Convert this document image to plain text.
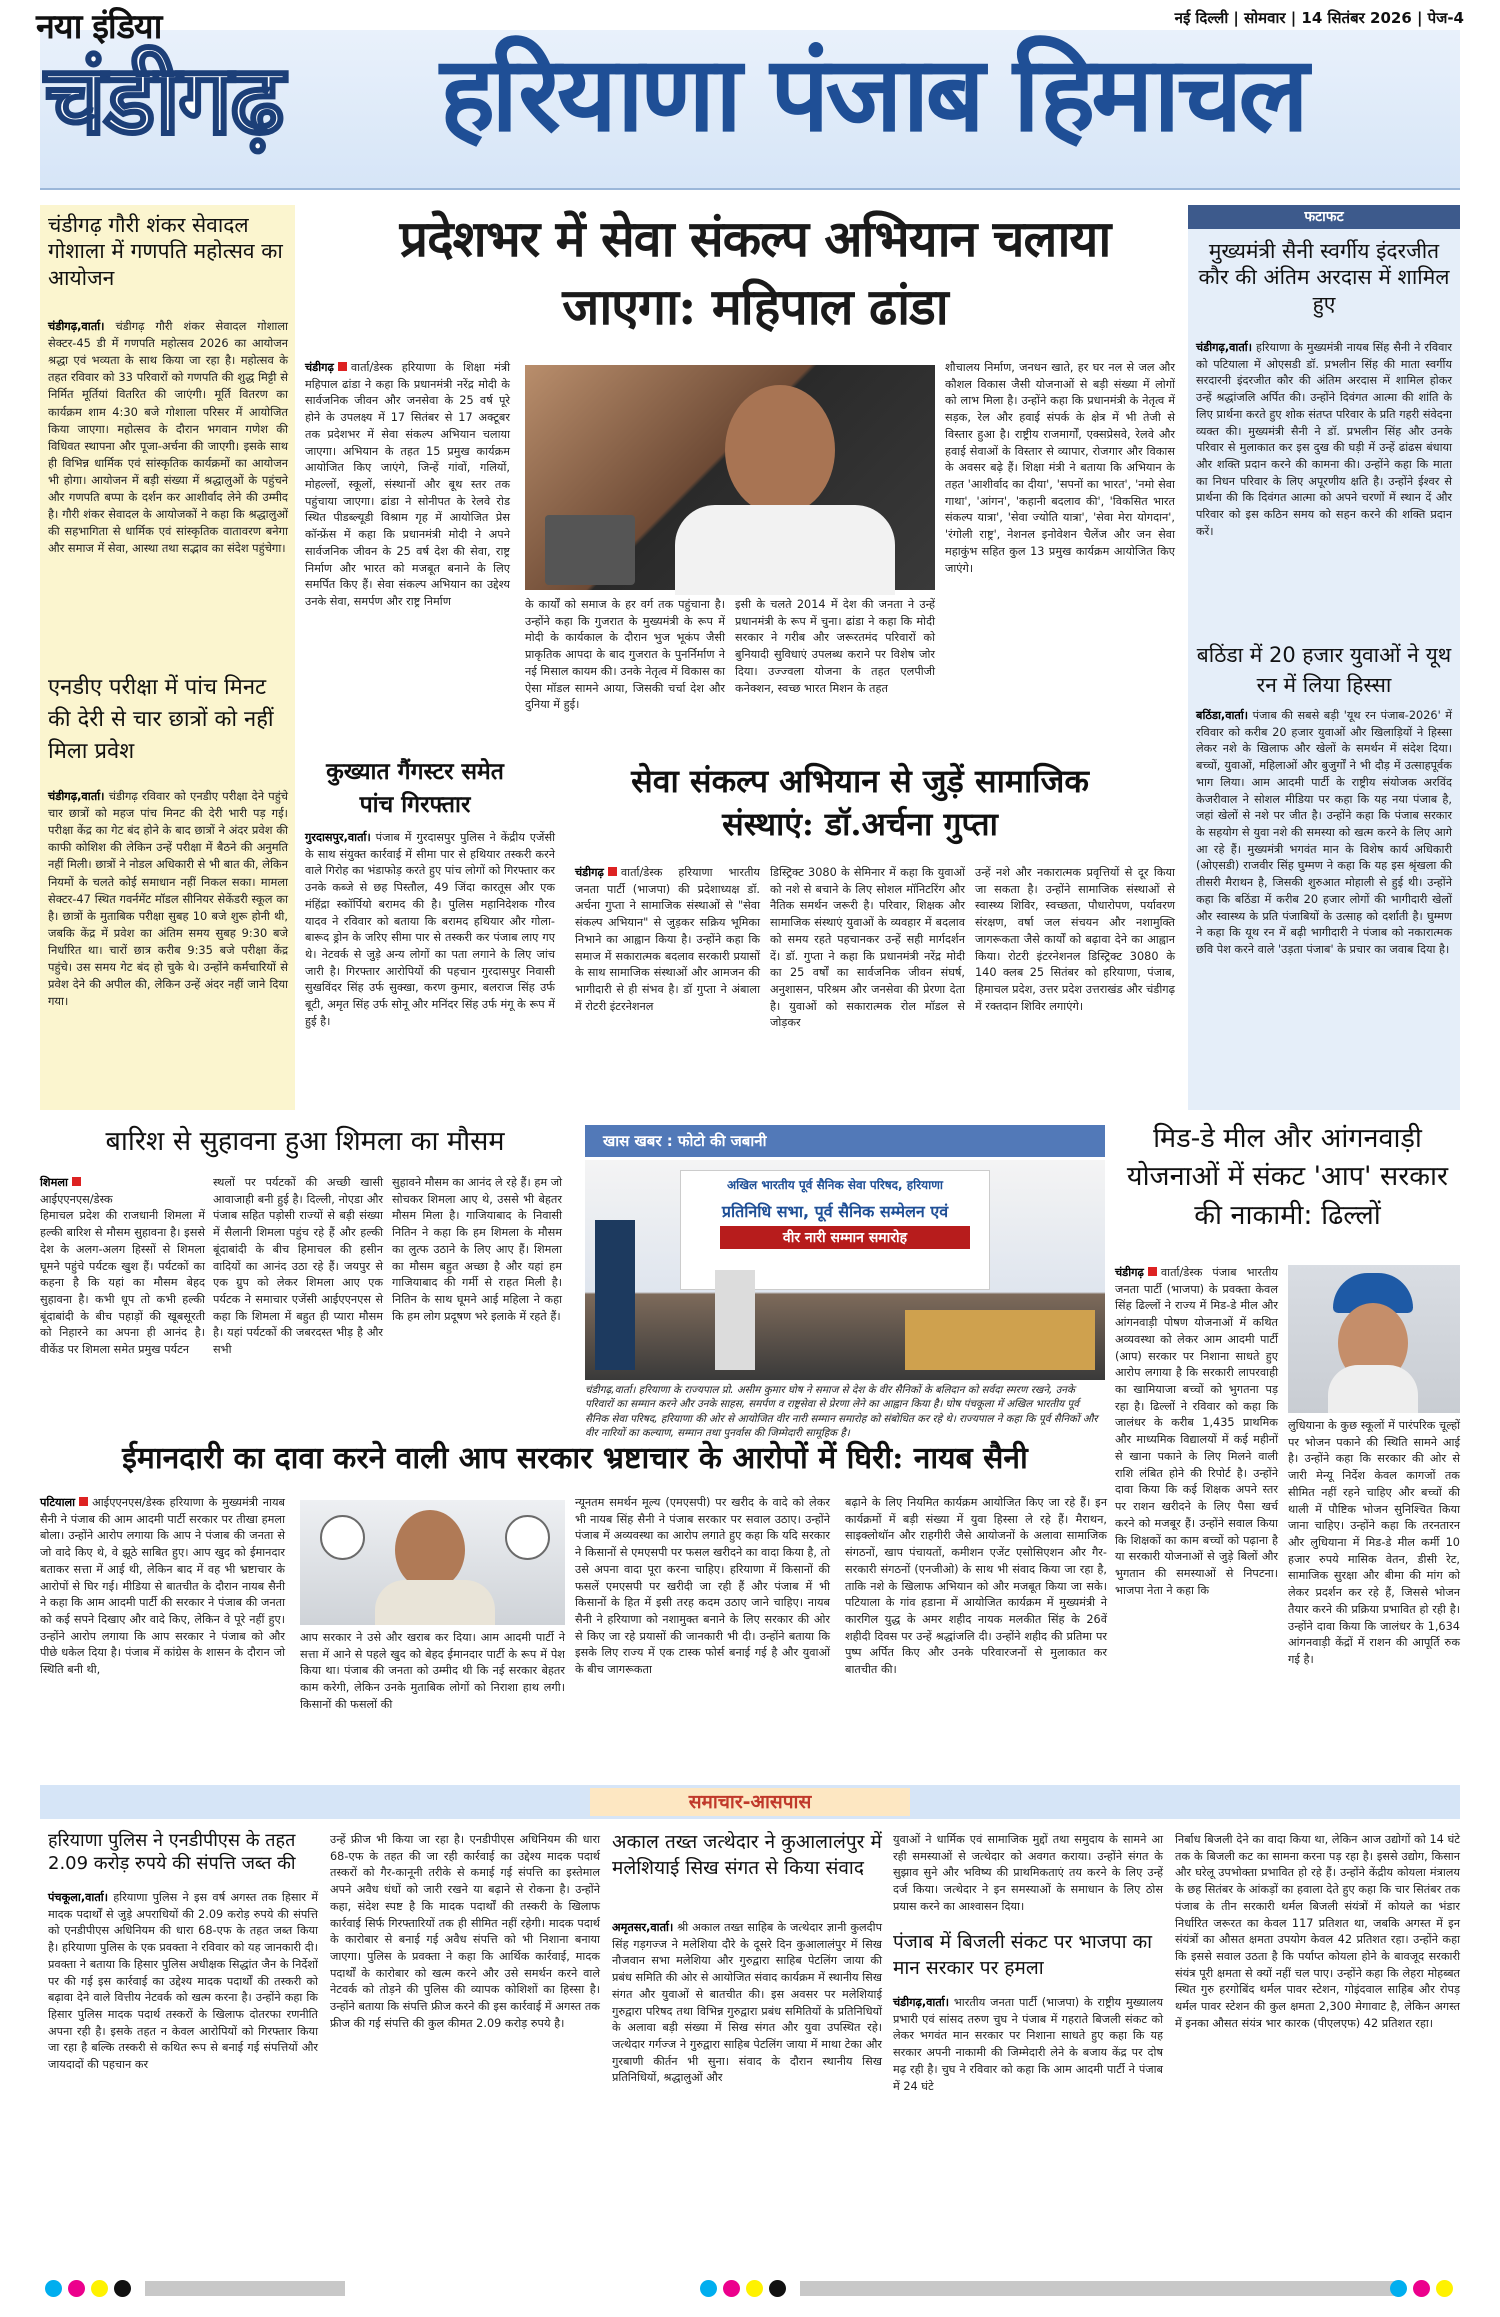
नया इंडिया	नई दिल्ली | सोमवार | 14 सितंबर 2026 | पेज-4
चंडीगढ़ हरियाणा पंजाब हिमाचल
चंडीगढ़ गौरी शंकर सेवादल गोशाला में गणपति महोत्सव का आयोजन
चंडीगढ़,वार्ता। चंडीगढ़ गौरी शंकर सेवादल गोशाला सेक्टर-45 डी में गणपति महोत्सव 2026 का आयोजन श्रद्धा एवं भव्यता के साथ किया जा रहा है। महोत्सव के तहत रविवार को 33 परिवारों को गणपति की शुद्ध मिट्टी से निर्मित मूर्तियां वितरित की जाएंगी। मूर्ति वितरण का कार्यक्रम शाम 4:30 बजे गोशाला परिसर में आयोजित किया जाएगा। महोत्सव के दौरान भगवान गणेश की विधिवत स्थापना और पूजा-अर्चना की जाएगी। इसके साथ ही विभिन्न धार्मिक एवं सांस्कृतिक कार्यक्रमों का आयोजन भी होगा। आयोजन में बड़ी संख्या में श्रद्धालुओं के पहुंचने और गणपति बप्पा के दर्शन कर आशीर्वाद लेने की उम्मीद है। गौरी शंकर सेवादल के आयोजकों ने कहा कि श्रद्धालुओं की सहभागिता से धार्मिक एवं सांस्कृतिक वातावरण बनेगा और समाज में सेवा, आस्था तथा सद्भाव का संदेश पहुंचेगा।
एनडीए परीक्षा में पांच मिनट की देरी से चार छात्रों को नहीं मिला प्रवेश
चंडीगढ़,वार्ता। चंडीगढ़ रविवार को एनडीए परीक्षा देने पहुंचे चार छात्रों को महज पांच मिनट की देरी भारी पड़ गई। परीक्षा केंद्र का गेट बंद होने के बाद छात्रों ने अंदर प्रवेश की काफी कोशिश की लेकिन उन्हें परीक्षा में बैठने की अनुमति नहीं मिली। छात्रों ने नोडल अधिकारी से भी बात की, लेकिन नियमों के चलते कोई समाधान नहीं निकल सका। मामला सेक्टर-47 स्थित गवर्नमेंट मॉडल सीनियर सेकेंडरी स्कूल का है। छात्रों के मुताबिक परीक्षा सुबह 10 बजे शुरू होनी थी, जबकि केंद्र में प्रवेश का अंतिम समय सुबह 9:30 बजे निर्धारित था। चारों छात्र करीब 9:35 बजे परीक्षा केंद्र पहुंचे। उस समय गेट बंद हो चुके थे। उन्होंने कर्मचारियों से प्रवेश देने की अपील की, लेकिन उन्हें अंदर नहीं जाने दिया गया।
प्रदेशभर में सेवा संकल्प अभियान चलाया जाएगा: महिपाल ढांडा
चंडीगढ़ वार्ता/डेस्क हरियाणा के शिक्षा मंत्री महिपाल ढांडा ने कहा कि प्रधानमंत्री नरेंद्र मोदी के सार्वजनिक जीवन और जनसेवा के 25 वर्ष पूरे होने के उपलक्ष्य में 17 सितंबर से 17 अक्टूबर तक प्रदेशभर में सेवा संकल्प अभियान चलाया जाएगा। अभियान के तहत 15 प्रमुख कार्यक्रम आयोजित किए जाएंगे, जिन्हें गांवों, गलियों, मोहल्लों, स्कूलों, संस्थानों और बूथ स्तर तक पहुंचाया जाएगा। ढांडा ने सोनीपत के रेलवे रोड स्थित पीडब्ल्यूडी विश्राम गृह में आयोजित प्रेस कॉन्फ्रेंस में कहा कि प्रधानमंत्री मोदी ने अपने सार्वजनिक जीवन के 25 वर्ष देश की सेवा, राष्ट्र निर्माण और भारत को मजबूत बनाने के लिए समर्पित किए हैं। सेवा संकल्प अभियान का उद्देश्य उनके सेवा, समर्पण और राष्ट्र निर्माण	के कार्यों को समाज के हर वर्ग तक पहुंचाना है। उन्होंने कहा कि गुजरात के मुख्यमंत्री के रूप में मोदी के कार्यकाल के दौरान भुज भूकंप जैसी प्राकृतिक आपदा के बाद गुजरात के पुनर्निर्माण ने नई मिसाल कायम की। उनके नेतृत्व में विकास का ऐसा मॉडल सामने आया, जिसकी चर्चा देश और दुनिया में हुई।
इसी के चलते 2014 में देश की जनता ने उन्हें प्रधानमंत्री के रूप में चुना। ढांडा ने कहा कि मोदी सरकार ने गरीब और जरूरतमंद परिवारों को बुनियादी सुविधाएं उपलब्ध कराने पर विशेष जोर दिया। उज्ज्वला योजना के तहत एलपीजी कनेक्शन, स्वच्छ भारत मिशन के तहत
शौचालय निर्माण, जनधन खाते, हर घर नल से जल और कौशल विकास जैसी योजनाओं से बड़ी संख्या में लोगों को लाभ मिला है। उन्होंने कहा कि प्रधानमंत्री के नेतृत्व में सड़क, रेल और हवाई संपर्क के क्षेत्र में भी तेजी से विस्तार हुआ है। राष्ट्रीय राजमार्गों, एक्सप्रेसवे, रेलवे और हवाई सेवाओं के विस्तार से व्यापार, रोजगार और विकास के अवसर बढ़े हैं। शिक्षा मंत्री ने बताया कि अभियान के तहत 'आशीर्वाद का दीया', 'सपनों का भारत', 'नमो सेवा गाथा', 'आंगन', 'कहानी बदलाव की', 'विकसित भारत संकल्प यात्रा', 'सेवा ज्योति यात्रा', 'सेवा मेरा योगदान', 'रंगोली राष्ट्र', नेशनल इनोवेशन चैलेंज और जन सेवा महाकुंभ सहित कुल 13 प्रमुख कार्यक्रम आयोजित किए जाएंगे।
कुख्यात गैंगस्टर समेत पांच गिरफ्तार
गुरदासपुर,वार्ता। पंजाब में गुरदासपुर पुलिस ने केंद्रीय एजेंसी के साथ संयुक्त कार्रवाई में सीमा पार से हथियार तस्करी करने वाले गिरोह का भंडाफोड़ करते हुए पांच लोगों को गिरफ्तार कर उनके कब्जे से छह पिस्तौल, 49 जिंदा कारतूस और एक मंहिंद्रा स्कॉर्पियो बरामद की है। पुलिस महानिदेशक गौरव यादव ने रविवार को बताया कि बरामद हथियार और गोला-बारूद ड्रोन के जरिए सीमा पार से तस्करी कर पंजाब लाए गए थे। नेटवर्क से जुड़े अन्य लोगों का पता लगाने के लिए जांच जारी है। गिरफ्तार आरोपियों की पहचान गुरदासपुर निवासी सुखविंदर सिंह उर्फ सुक्खा, करण कुमार, बलराज सिंह उर्फ बूटी, अमृत सिंह उर्फ सोनू और मनिंदर सिंह उर्फ मंगू के रूप में हुई है।
सेवा संकल्प अभियान से जुड़ें सामाजिक संस्थाएं: डॉ.अर्चना गुप्ता
चंडीगढ़ वार्ता/डेस्क हरियाणा भारतीय जनता पार्टी (भाजपा) की प्रदेशाध्यक्ष डॉ. अर्चना गुप्ता ने सामाजिक संस्थाओं से "सेवा संकल्प अभियान" से जुड़कर सक्रिय भूमिका निभाने का आह्वान किया है। उन्होंने कहा कि समाज में सकारात्मक बदलाव सरकारी प्रयासों के साथ सामाजिक संस्थाओं और आमजन की भागीदारी से ही संभव है। डॉ गुप्ता ने अंबाला में रोटरी इंटरनेशनल
डिस्ट्रिक्ट 3080 के सेमिनार में कहा कि युवाओं को नशे से बचाने के लिए सोशल मॉनिटरिंग और नैतिक समर्थन जरूरी है। परिवार, शिक्षक और सामाजिक संस्थाएं युवाओं के व्यवहार में बदलाव को समय रहते पहचानकर उन्हें सही मार्गदर्शन दें। डॉ. गुप्ता ने कहा कि प्रधानमंत्री नरेंद्र मोदी का 25 वर्षों का सार्वजनिक जीवन संघर्ष, अनुशासन, परिश्रम और जनसेवा की प्रेरणा देता है। युवाओं को सकारात्मक रोल मॉडल से जोड़कर
उन्हें नशे और नकारात्मक प्रवृत्तियों से दूर किया जा सकता है। उन्होंने सामाजिक संस्थाओं से स्वास्थ्य शिविर, स्वच्छता, पौधारोपण, पर्यावरण संरक्षण, वर्षा जल संचयन और नशामुक्ति जागरूकता जैसे कार्यों को बढ़ावा देने का आह्वान किया। रोटरी इंटरनेशनल डिस्ट्रिक्ट 3080 के 140 क्लब 25 सितंबर को हरियाणा, पंजाब, हिमाचल प्रदेश, उत्तर प्रदेश उत्तराखंड और चंडीगढ़ में रक्तदान शिविर लगाएंगे।
फटाफट
मुख्यमंत्री सैनी स्वर्गीय इंदरजीत कौर की अंतिम अरदास में शामिल हुए
चंडीगढ़,वार्ता। हरियाणा के मुख्यमंत्री नायब सिंह सैनी ने रविवार को पटियाला में ओएसडी डॉ. प्रभलीन सिंह की माता स्वर्गीय सरदारनी इंदरजीत कौर की अंतिम अरदास में शामिल होकर उन्हें श्रद्धांजलि अर्पित की। उन्होंने दिवंगत आत्मा की शांति के लिए प्रार्थना करते हुए शोक संतप्त परिवार के प्रति गहरी संवेदना व्यक्त की। मुख्यमंत्री सैनी ने डॉ. प्रभलीन सिंह और उनके परिवार से मुलाकात कर इस दुख की घड़ी में उन्हें ढांढस बंधाया और शक्ति प्रदान करने की कामना की। उन्होंने कहा कि माता का निधन परिवार के लिए अपूरणीय क्षति है। उन्होंने ईश्वर से प्रार्थना की कि दिवंगत आत्मा को अपने चरणों में स्थान दें और परिवार को इस कठिन समय को सहन करने की शक्ति प्रदान करें।
बठिंडा में 20 हजार युवाओं ने यूथ रन में लिया हिस्सा
बठिंडा,वार्ता। पंजाब की सबसे बड़ी 'यूथ रन पंजाब-2026' में रविवार को करीब 20 हजार युवाओं और खिलाड़ियों ने हिस्सा लेकर नशे के खिलाफ और खेलों के समर्थन में संदेश दिया। बच्चों, युवाओं, महिलाओं और बुजुर्गों ने भी दौड़ में उत्साहपूर्वक भाग लिया। आम आदमी पार्टी के राष्ट्रीय संयोजक अरविंद केजरीवाल ने सोशल मीडिया पर कहा कि यह नया पंजाब है, जहां खेलों से नशे पर जीत है। उन्होंने कहा कि पंजाब सरकार के सहयोग से युवा नशे की समस्या को खत्म करने के लिए आगे आ रहे हैं। मुख्यमंत्री भगवंत मान के विशेष कार्य अधिकारी (ओएसडी) राजवीर सिंह घुम्मण ने कहा कि यह इस श्रृंखला की तीसरी मैराथन है, जिसकी शुरुआत मोहाली से हुई थी। उन्होंने कहा कि बठिंडा में करीब 20 हजार लोगों की भागीदारी खेलों और स्वास्थ्य के प्रति पंजाबियों के उत्साह को दर्शाती है। घुम्मण ने कहा कि यूथ रन में बढ़ी भागीदारी ने पंजाब को नकारात्मक छवि पेश करने वाले 'उड़ता पंजाब' के प्रचार का जवाब दिया है।
बारिश से सुहावना हुआ शिमला का मौसम
शिमला
आईएएनएस/डेस्क
हिमाचल प्रदेश की राजधानी शिमला में हल्की बारिश से मौसम सुहावना है। इससे देश के अलग-अलग हिस्सों से शिमला घूमने पहुंचे पर्यटक खुश हैं। पर्यटकों का कहना है कि यहां का मौसम बेहद सुहावना है। कभी धूप तो कभी हल्की बूंदाबांदी के बीच पहाड़ों की खूबसूरती को निहारने का अपना ही आनंद है। वीकेंड पर शिमला समेत प्रमुख पर्यटन
स्थलों पर पर्यटकों की अच्छी खासी आवाजाही बनी हुई है। दिल्ली, नोएडा और पंजाब सहित पड़ोसी राज्यों से बड़ी संख्या में सैलानी शिमला पहुंच रहे हैं और हल्की बूंदाबांदी के बीच हिमाचल की हसीन वादियों का आनंद उठा रहे हैं। जयपुर से एक ग्रुप को लेकर शिमला आए एक पर्यटक ने समाचार एजेंसी आईएएनएस से कहा कि शिमला में बहुत ही प्यारा मौसम है। यहां पर्यटकों की जबरदस्त भीड़ है और सभी
सुहावने मौसम का आनंद ले रहे हैं। हम जो सोचकर शिमला आए थे, उससे भी बेहतर मौसम मिला है। गाजियाबाद के निवासी नितिन ने कहा कि हम शिमला के मौसम का लुत्फ उठाने के लिए आए हैं। शिमला का मौसम बहुत अच्छा है और यहां हम गाजियाबाद की गर्मी से राहत मिली है। नितिन के साथ घूमने आई महिला ने कहा कि हम लोग प्रदूषण भरे इलाके में रहते हैं।
खास खबर : फोटो की जबानी
अखिल भारतीय पूर्व सैनिक सेवा परिषद, हरियाणा
प्रतिनिधि सभा, पूर्व सैनिक सम्मेलन एवं
वीर नारी सम्मान समारोह
चंडीगढ़,वार्ता। हरियाणा के राज्यपाल प्रो. असीम कुमार घोष ने समाज से देश के वीर सैनिकों के बलिदान को सर्वदा स्मरण रखने, उनके परिवारों का सम्मान करने और उनके साहस, समर्पण व राष्ट्रसेवा से प्रेरणा लेने का आह्वान किया है। घोष पंचकूला में अखिल भारतीय पूर्व सैनिक सेवा परिषद, हरियाणा की ओर से आयोजित वीर नारी सम्मान समारोह को संबोधित कर रहे थे। राज्यपाल ने कहा कि पूर्व सैनिकों और वीर नारियों का कल्याण, सम्मान तथा पुनर्वास की जिम्मेदारी सामूहिक है।
मिड-डे मील और आंगनवाड़ी योजनाओं में संकट 'आप' सरकार की नाकामी: ढिल्लों
चंडीगढ़ वार्ता/डेस्क पंजाब भारतीय जनता पार्टी (भाजपा) के प्रवक्ता केवल सिंह ढिल्लों ने राज्य में मिड-डे मील और आंगनवाड़ी पोषण योजनाओं में कथित अव्यवस्था को लेकर आम आदमी पार्टी (आप) सरकार पर निशाना साधते हुए आरोप लगाया है कि सरकारी लापरवाही का खामियाजा बच्चों को भुगतना पड़ रहा है। ढिल्लों ने रविवार को कहा कि जालंधर के करीब 1,435 प्राथमिक और माध्यमिक विद्यालयों में कई महीनों से खाना पकाने के लिए मिलने वाली राशि लंबित होने की रिपोर्ट है। उन्होंने दावा किया कि कई शिक्षक अपने स्तर पर राशन खरीदने के लिए पैसा खर्च करने को मजबूर हैं। उन्होंने सवाल किया कि शिक्षकों का काम बच्चों को पढ़ाना है या सरकारी योजनाओं से जुड़े बिलों और भुगतान की समस्याओं से निपटना। भाजपा नेता ने कहा कि
लुधियाना के कुछ स्कूलों में पारंपरिक चूल्हों पर भोजन पकाने की स्थिति सामने आई है। उन्होंने कहा कि सरकार की ओर से जारी मेन्यू निर्देश केवल कागजों तक सीमित नहीं रहने चाहिए और बच्चों की थाली में पौष्टिक भोजन सुनिश्चित किया जाना चाहिए। उन्होंने कहा कि तरनतारन और लुधियाना में मिड-डे मील कर्मी 10 हजार रुपये मासिक वेतन, डीसी रेट, सामाजिक सुरक्षा और बीमा की मांग को लेकर प्रदर्शन कर रहे हैं, जिससे भोजन तैयार करने की प्रक्रिया प्रभावित हो रही है। उन्होंने दावा किया कि जालंधर के 1,634 आंगनवाड़ी केंद्रों में राशन की आपूर्ति रुक गई है।
ईमानदारी का दावा करने वाली आप सरकार भ्रष्टाचार के आरोपों में घिरी: नायब सैनी
पटियाला आईएएनएस/डेस्क हरियाणा के मुख्यमंत्री नायब सैनी ने पंजाब की आम आदमी पार्टी सरकार पर तीखा हमला बोला। उन्होंने आरोप लगाया कि आप ने पंजाब की जनता से जो वादे किए थे, वे झूठे साबित हुए। आप खुद को ईमानदार बताकर सत्ता में आई थी, लेकिन बाद में वह भी भ्रष्टाचार के आरोपों से घिर गई। मीडिया से बातचीत के दौरान नायब सैनी ने कहा कि आम आदमी पार्टी की सरकार ने पंजाब की जनता को कई सपने दिखाए और वादे किए, लेकिन वे पूरे नहीं हुए। उन्होंने आरोप लगाया कि आप सरकार ने पंजाब को और पीछे धकेल दिया है। पंजाब में कांग्रेस के शासन के दौरान जो स्थिति बनी थी,
आप सरकार ने उसे और खराब कर दिया। आम आदमी पार्टी ने सत्ता में आने से पहले खुद को बेहद ईमानदार पार्टी के रूप में पेश किया था। पंजाब की जनता को उम्मीद थी कि नई सरकार बेहतर काम करेगी, लेकिन उनके मुताबिक लोगों को निराशा हाथ लगी। किसानों की फसलों की
न्यूनतम समर्थन मूल्य (एमएसपी) पर खरीद के वादे को लेकर भी नायब सिंह सैनी ने पंजाब सरकार पर सवाल उठाए। उन्होंने पंजाब में अव्यवस्था का आरोप लगाते हुए कहा कि यदि सरकार ने किसानों से एमएसपी पर फसल खरीदने का वादा किया है, तो उसे अपना वादा पूरा करना चाहिए। हरियाणा में किसानों की फसलें एमएसपी पर खरीदी जा रही हैं और पंजाब में भी किसानों के हित में इसी तरह कदम उठाए जाने चाहिए। नायब सैनी ने हरियाणा को नशामुक्त बनाने के लिए सरकार की ओर से किए जा रहे प्रयासों की जानकारी भी दी। उन्होंने बताया कि इसके लिए राज्य में एक टास्क फोर्स बनाई गई है और युवाओं के बीच जागरूकता
बढ़ाने के लिए नियमित कार्यक्रम आयोजित किए जा रहे हैं। इन कार्यक्रमों में बड़ी संख्या में युवा हिस्सा ले रहे हैं। मैराथन, साइक्लोथॉन और राहगीरी जैसे आयोजनों के अलावा सामाजिक संगठनों, खाप पंचायतों, कमीशन एजेंट एसोसिएशन और गैर-सरकारी संगठनों (एनजीओ) के साथ भी संवाद किया जा रहा है, ताकि नशे के खिलाफ अभियान को और मजबूत किया जा सके। पटियाला के गांव हडाना में आयोजित कार्यक्रम में मुख्यमंत्री ने कारगिल युद्ध के अमर शहीद नायक मलकीत सिंह के 26वें शहीदी दिवस पर उन्हें श्रद्धांजलि दी। उन्होंने शहीद की प्रतिमा पर पुष्प अर्पित किए और उनके परिवारजनों से मुलाकात कर बातचीत की।
समाचार-आसपास
हरियाणा पुलिस ने एनडीपीएस के तहत 2.09 करोड़ रुपये की संपत्ति जब्त की
पंचकूला,वार्ता। हरियाणा पुलिस ने इस वर्ष अगस्त तक हिसार में मादक पदार्थों से जुड़े अपराधियों की 2.09 करोड़ रुपये की संपत्ति को एनडीपीएस अधिनियम की धारा 68-एफ के तहत जब्त किया है। हरियाणा पुलिस के एक प्रवक्ता ने रविवार को यह जानकारी दी। प्रवक्ता ने बताया कि हिसार पुलिस अधीक्षक सिद्धांत जैन के निर्देशों पर की गई इस कार्रवाई का उद्देश्य मादक पदार्थों की तस्करी को बढ़ावा देने वाले वित्तीय नेटवर्क को खत्म करना है। उन्होंने कहा कि हिसार पुलिस मादक पदार्थ तस्करों के खिलाफ दोतरफा रणनीति अपना रही है। इसके तहत न केवल आरोपियों को गिरफ्तार किया जा रहा है बल्कि तस्करी से कथित रूप से बनाई गई संपत्तियों और जायदादों की पहचान कर
उन्हें फ्रीज भी किया जा रहा है। एनडीपीएस अधिनियम की धारा 68-एफ के तहत की जा रही कार्रवाई का उद्देश्य मादक पदार्थ तस्करों को गैर-कानूनी तरीके से कमाई गई संपत्ति का इस्तेमाल अपने अवैध धंधों को जारी रखने या बढ़ाने से रोकना है। उन्होंने कहा, संदेश स्पष्ट है कि मादक पदार्थों की तस्करी के खिलाफ कार्रवाई सिर्फ गिरफ्तारियों तक ही सीमित नहीं रहेगी। मादक पदार्थ के कारोबार से बनाई गई अवैध संपत्ति को भी निशाना बनाया जाएगा। पुलिस के प्रवक्ता ने कहा कि आर्थिक कार्रवाई, मादक पदार्थों के कारोबार को खत्म करने और उसे समर्थन करने वाले नेटवर्क को तोड़ने की पुलिस की व्यापक कोशिशों का हिस्सा है। उन्होंने बताया कि संपत्ति फ्रीज करने की इस कार्रवाई में अगस्त तक फ्रीज की गई संपत्ति की कुल कीमत 2.09 करोड़ रुपये है।
अकाल तख्त जत्थेदार ने कुआलालंपुर में मलेशियाई सिख संगत से किया संवाद
अमृतसर,वार्ता। श्री अकाल तख्त साहिब के जत्थेदार ज्ञानी कुलदीप सिंह गड़गज्ज ने मलेशिया दौरे के दूसरे दिन कुआलालंपुर में सिख नौजवान सभा मलेशिया और गुरुद्वारा साहिब पेटलिंग जाया की प्रबंध समिति की ओर से आयोजित संवाद कार्यक्रम में स्थानीय सिख संगत और युवाओं से बातचीत की। इस अवसर पर मलेशियाई गुरुद्वारा परिषद तथा विभिन्न गुरुद्वारा प्रबंध समितियों के प्रतिनिधियों के अलावा बड़ी संख्या में सिख संगत और युवा उपस्थित रहे। जत्थेदार गर्गज्ज ने गुरुद्वारा साहिब पेटलिंग जाया में माथा टेका और गुरबाणी कीर्तन भी सुना। संवाद के दौरान स्थानीय सिख प्रतिनिधियों, श्रद्धालुओं और
युवाओं ने धार्मिक एवं सामाजिक मुद्दों तथा समुदाय के सामने आ रही समस्याओं से जत्थेदार को अवगत कराया। उन्होंने संगत के सुझाव सुने और भविष्य की प्राथमिकताएं तय करने के लिए उन्हें दर्ज किया। जत्थेदार ने इन समस्याओं के समाधान के लिए ठोस प्रयास करने का आश्वासन दिया।
पंजाब में बिजली संकट पर भाजपा का मान सरकार पर हमला
चंडीगढ़,वार्ता। भारतीय जनता पार्टी (भाजपा) के राष्ट्रीय मुख्यालय प्रभारी एवं सांसद तरुण चुघ ने पंजाब में गहराते बिजली संकट को लेकर भगवंत मान सरकार पर निशाना साधते हुए कहा कि यह सरकार अपनी नाकामी की जिम्मेदारी लेने के बजाय केंद्र पर दोष मढ़ रही है। चुघ ने रविवार को कहा कि आम आदमी पार्टी ने पंजाब में 24 घंटे
निर्बाध बिजली देने का वादा किया था, लेकिन आज उद्योगों को 14 घंटे तक के बिजली कट का सामना करना पड़ रहा है। इससे उद्योग, किसान और घरेलू उपभोक्ता प्रभावित हो रहे हैं। उन्होंने केंद्रीय कोयला मंत्रालय के छह सितंबर के आंकड़ों का हवाला देते हुए कहा कि चार सितंबर तक पंजाब के तीन सरकारी थर्मल बिजली संयंत्रों में कोयले का भंडार निर्धारित जरूरत का केवल 117 प्रतिशत था, जबकि अगस्त में इन संयंत्रों का औसत क्षमता उपयोग केवल 42 प्रतिशत रहा। उन्होंने कहा कि इससे सवाल उठता है कि पर्याप्त कोयला होने के बावजूद सरकारी संयंत्र पूरी क्षमता से क्यों नहीं चल पाए। उन्होंने कहा कि लेहरा मोहब्बत स्थित गुरु हरगोबिंद थर्मल पावर स्टेशन, गोइंदवाल साहिब और रोपड़ थर्मल पावर स्टेशन की कुल क्षमता 2,300 मेगावाट है, लेकिन अगस्त में इनका औसत संयंत्र भार कारक (पीएलएफ) 42 प्रतिशत रहा।
